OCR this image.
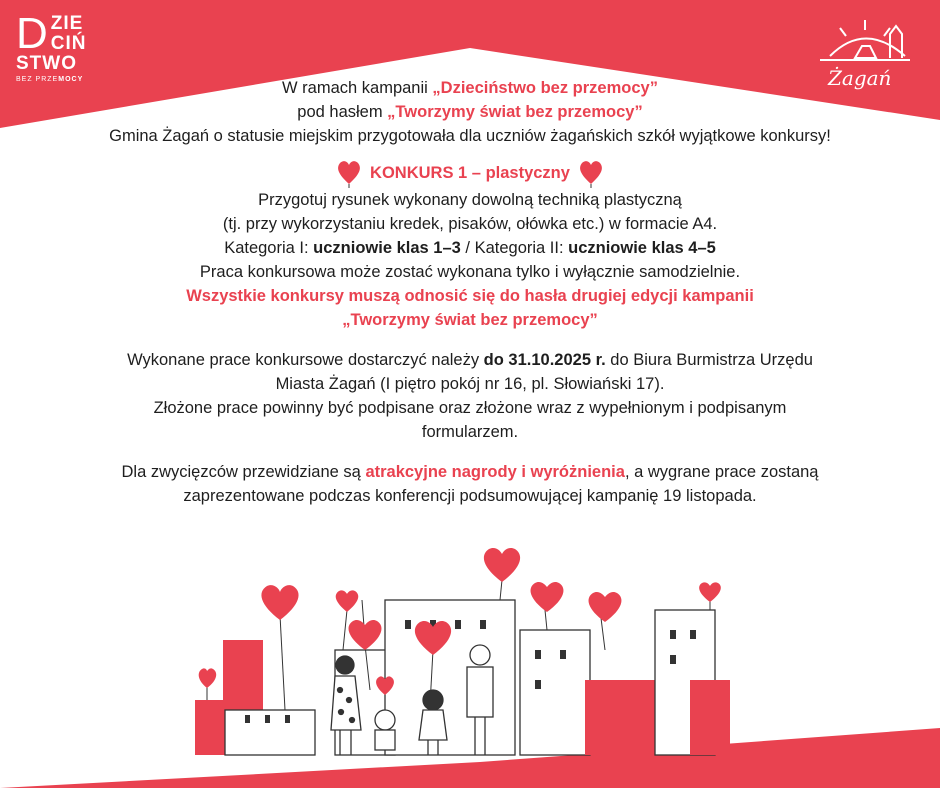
D ZIE
CIŃ
STWO
BEZ PRZEMOCY	Żagań

W ramach kampanii „Dzieciństwo bez przemocy”

pod hasłem „Tworzymy świat bez przemocy”

Gmina Żagań o statusie miejskim przygotowała dla uczniów żagańskich szkół wyjątkowe konkursy!

KONKURS 1 – plastyczny

Przygotuj rysunek wykonany dowolną techniką plastyczną

(tj. przy wykorzystaniu kredek, pisaków, ołówka etc.) w formacie A4.

Kategoria I: uczniowie klas 1–3 / Kategoria II: uczniowie klas 4–5

Praca konkursowa może zostać wykonana tylko i wyłącznie samodzielnie.

Wszystkie konkursy muszą odnosić się do hasła drugiej edycji kampanii

„Tworzymy świat bez przemocy”

Wykonane prace konkursowe dostarczyć należy do 31.10.2025 r. do Biura Burmistrza Urzędu

Miasta Żagań (I piętro pokój nr 16, pl. Słowiański 17).

Złożone prace powinny być podpisane oraz złożone wraz z wypełnionym i podpisanym

formularzem.

Dla zwycięzców przewidziane są atrakcyjne nagrody i wyróżnienia, a wygrane prace zostaną

zaprezentowane podczas konferencji podsumowującej kampanię 19 listopada.
